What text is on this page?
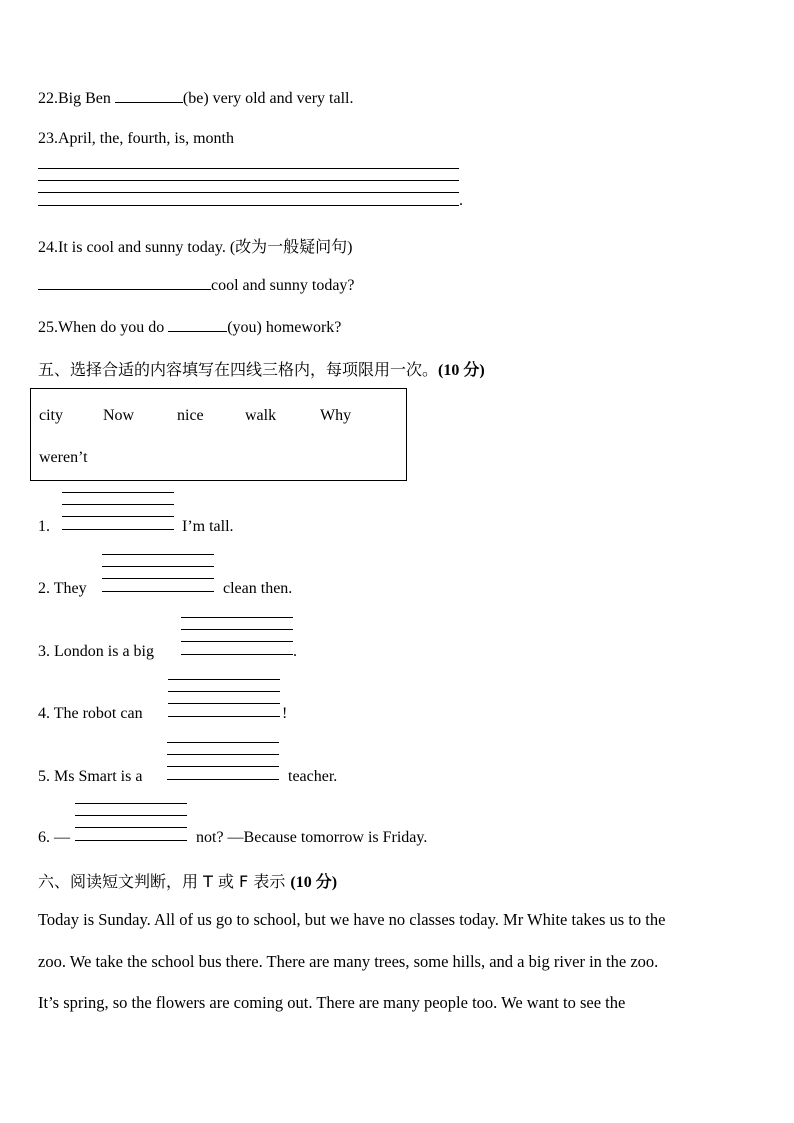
22.Big Ben	(be) very old and very tall.
23.April, the, fourth, is, month
.
24.It is cool and sunny today. (改为一般疑问句)
cool and sunny today?
25.When do you do	(you) homework?
五、选择合适的内容填写在四线三格内，每项限用一次。(10 分)
city	Now	nice	walk	Why
weren’t
1.	I’m tall.
2. They	clean then.
3. London is a big	.
4. The robot can	!
5. Ms Smart is a	teacher.
6. —	not? —Because tomorrow is Friday.
六、阅读短文判断，用 T 或 F 表示 (10 分)
Today is Sunday. All of us go to school, but we have no classes today. Mr White takes us to the
zoo. We take the school bus there. There are many trees, some hills, and a big river in the zoo.
It’s spring, so the flowers are coming out. There are many people too. We want to see the
